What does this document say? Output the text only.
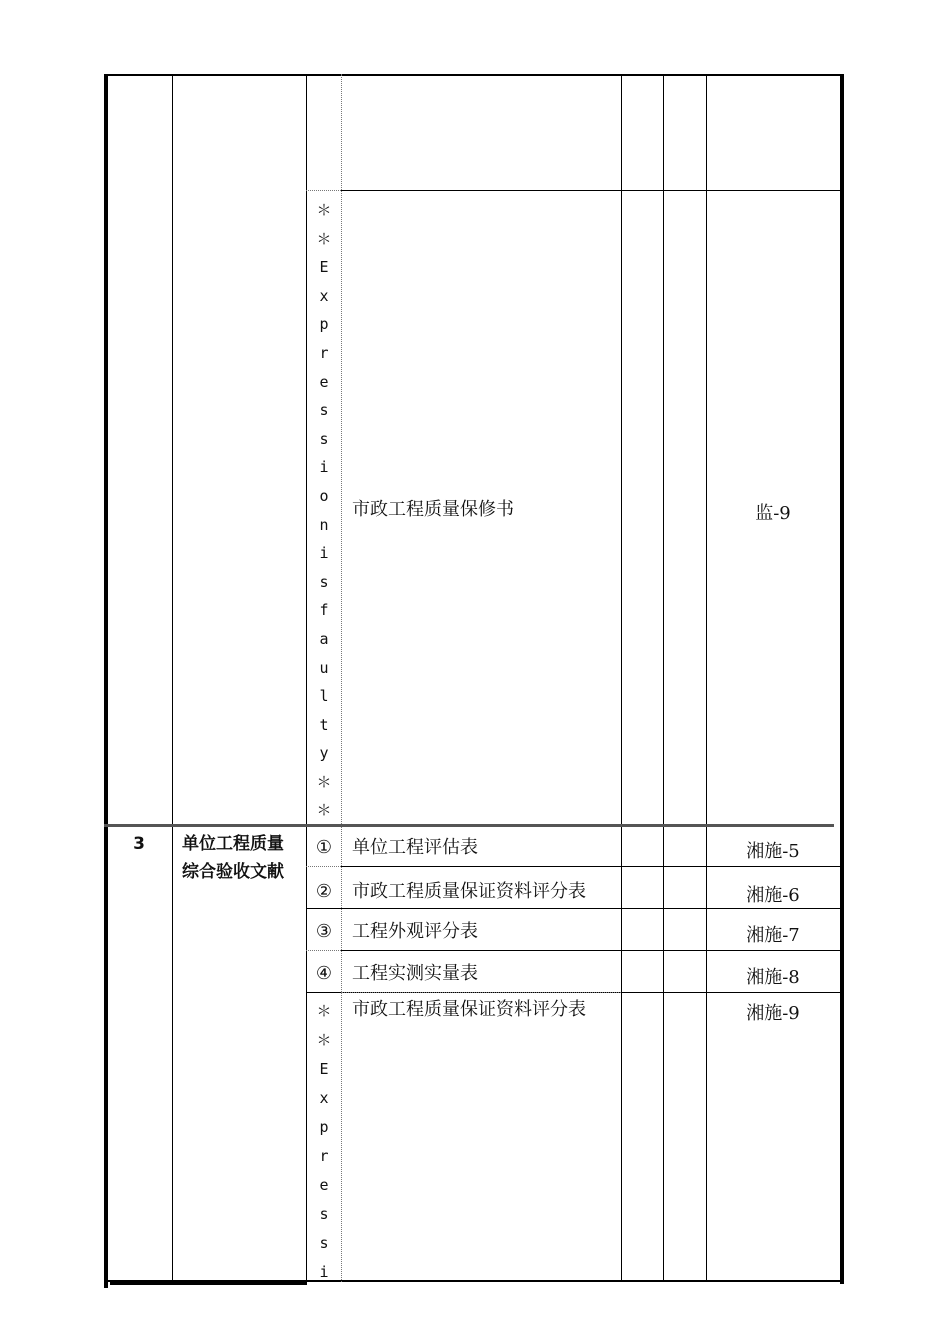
＊
＊
E
x
p
r
e
s
s
i
o
n
i
s
f
a
u
l
t
y
＊
＊
市政工程质量保修书	监-9
3	单位工程质量
综合验收文献
①	单位工程评估表	湘施-5
②	市政工程质量保证资料评分表	湘施-6
③	工程外观评分表	湘施-7
④	工程实测实量表	湘施-8
＊
＊
E
x
p
r
e
s
s
i
市政工程质量保证资料评分表	湘施-9
